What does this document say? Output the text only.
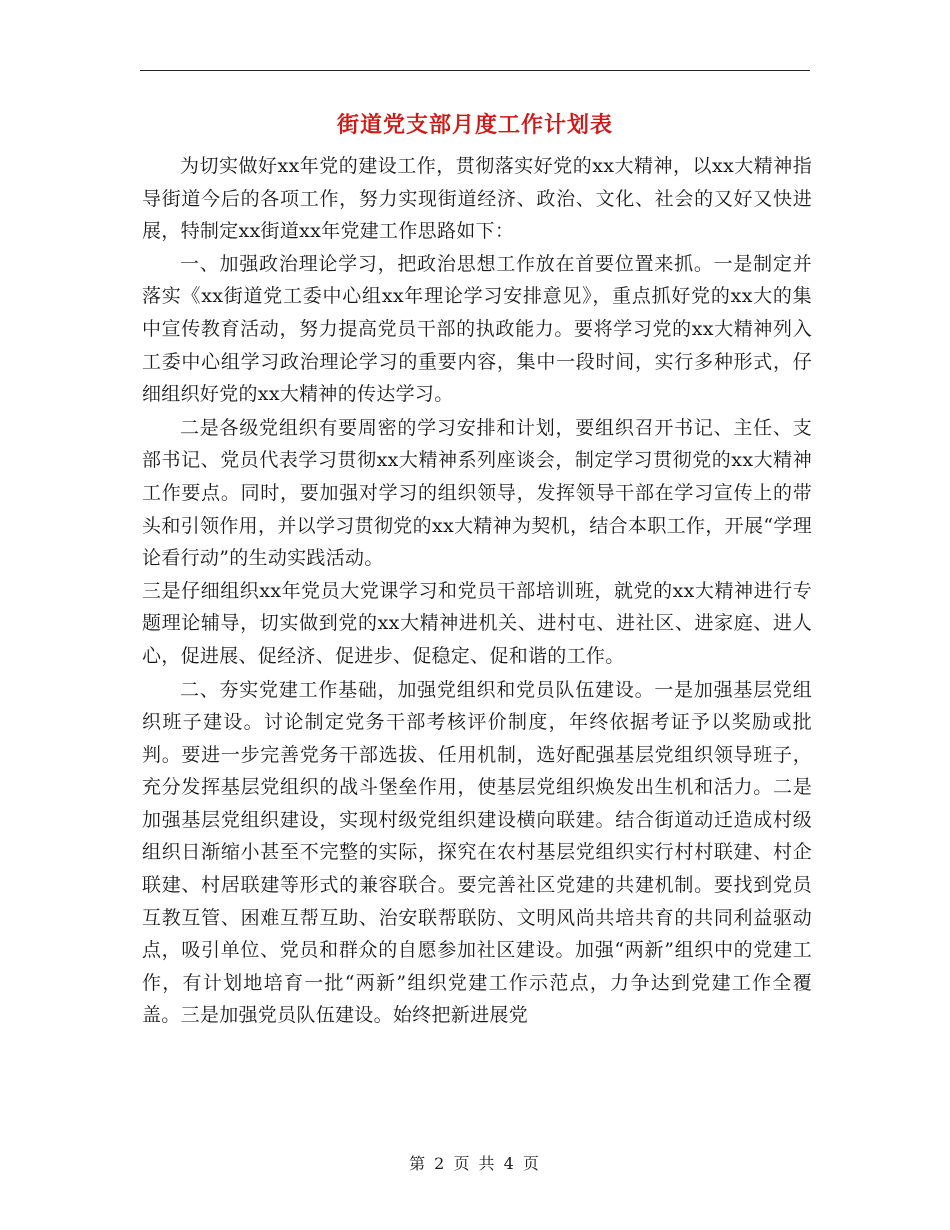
街道党支部月度工作计划表

为切实做好xx年党的建设工作，贯彻落实好党的xx大精神，以xx大精神指导街道今后的各项工作，努力实现街道经济、政治、文化、社会的又好又快进展，特制定xx街道xx年党建工作思路如下：

一、加强政治理论学习，把政治思想工作放在首要位置来抓。一是制定并落实《xx街道党工委中心组xx年理论学习安排意见》，重点抓好党的xx大的集中宣传教育活动，努力提高党员干部的执政能力。要将学习党的xx大精神列入工委中心组学习政治理论学习的重要内容，集中一段时间，实行多种形式，仔细组织好党的xx大精神的传达学习。

二是各级党组织有要周密的学习安排和计划，要组织召开书记、主任、支部书记、党员代表学习贯彻xx大精神系列座谈会，制定学习贯彻党的xx大精神工作要点。同时，要加强对学习的组织领导，发挥领导干部在学习宣传上的带头和引领作用，并以学习贯彻党的xx大精神为契机，结合本职工作，开展“学理论看行动”的生动实践活动。

三是仔细组织xx年党员大党课学习和党员干部培训班，就党的xx大精神进行专题理论辅导，切实做到党的xx大精神进机关、进村屯、进社区、进家庭、进人心，促进展、促经济、促进步、促稳定、促和谐的工作。

二、夯实党建工作基础，加强党组织和党员队伍建设。一是加强基层党组织班子建设。讨论制定党务干部考核评价制度，年终依据考证予以奖励或批判。要进一步完善党务干部选拔、任用机制，选好配强基层党组织领导班子，充分发挥基层党组织的战斗堡垒作用，使基层党组织焕发出生机和活力。二是加强基层党组织建设，实现村级党组织建设横向联建。结合街道动迁造成村级组织日渐缩小甚至不完整的实际，探究在农村基层党组织实行村村联建、村企联建、村居联建等形式的兼容联合。要完善社区党建的共建机制。要找到党员互教互管、困难互帮互助、治安联帮联防、文明风尚共培共育的共同利益驱动点，吸引单位、党员和群众的自愿参加社区建设。加强“两新”组织中的党建工作，有计划地培育一批“两新”组织党建工作示范点，力争达到党建工作全覆盖。三是加强党员队伍建设。始终把新进展党

第 2 页 共 4 页
